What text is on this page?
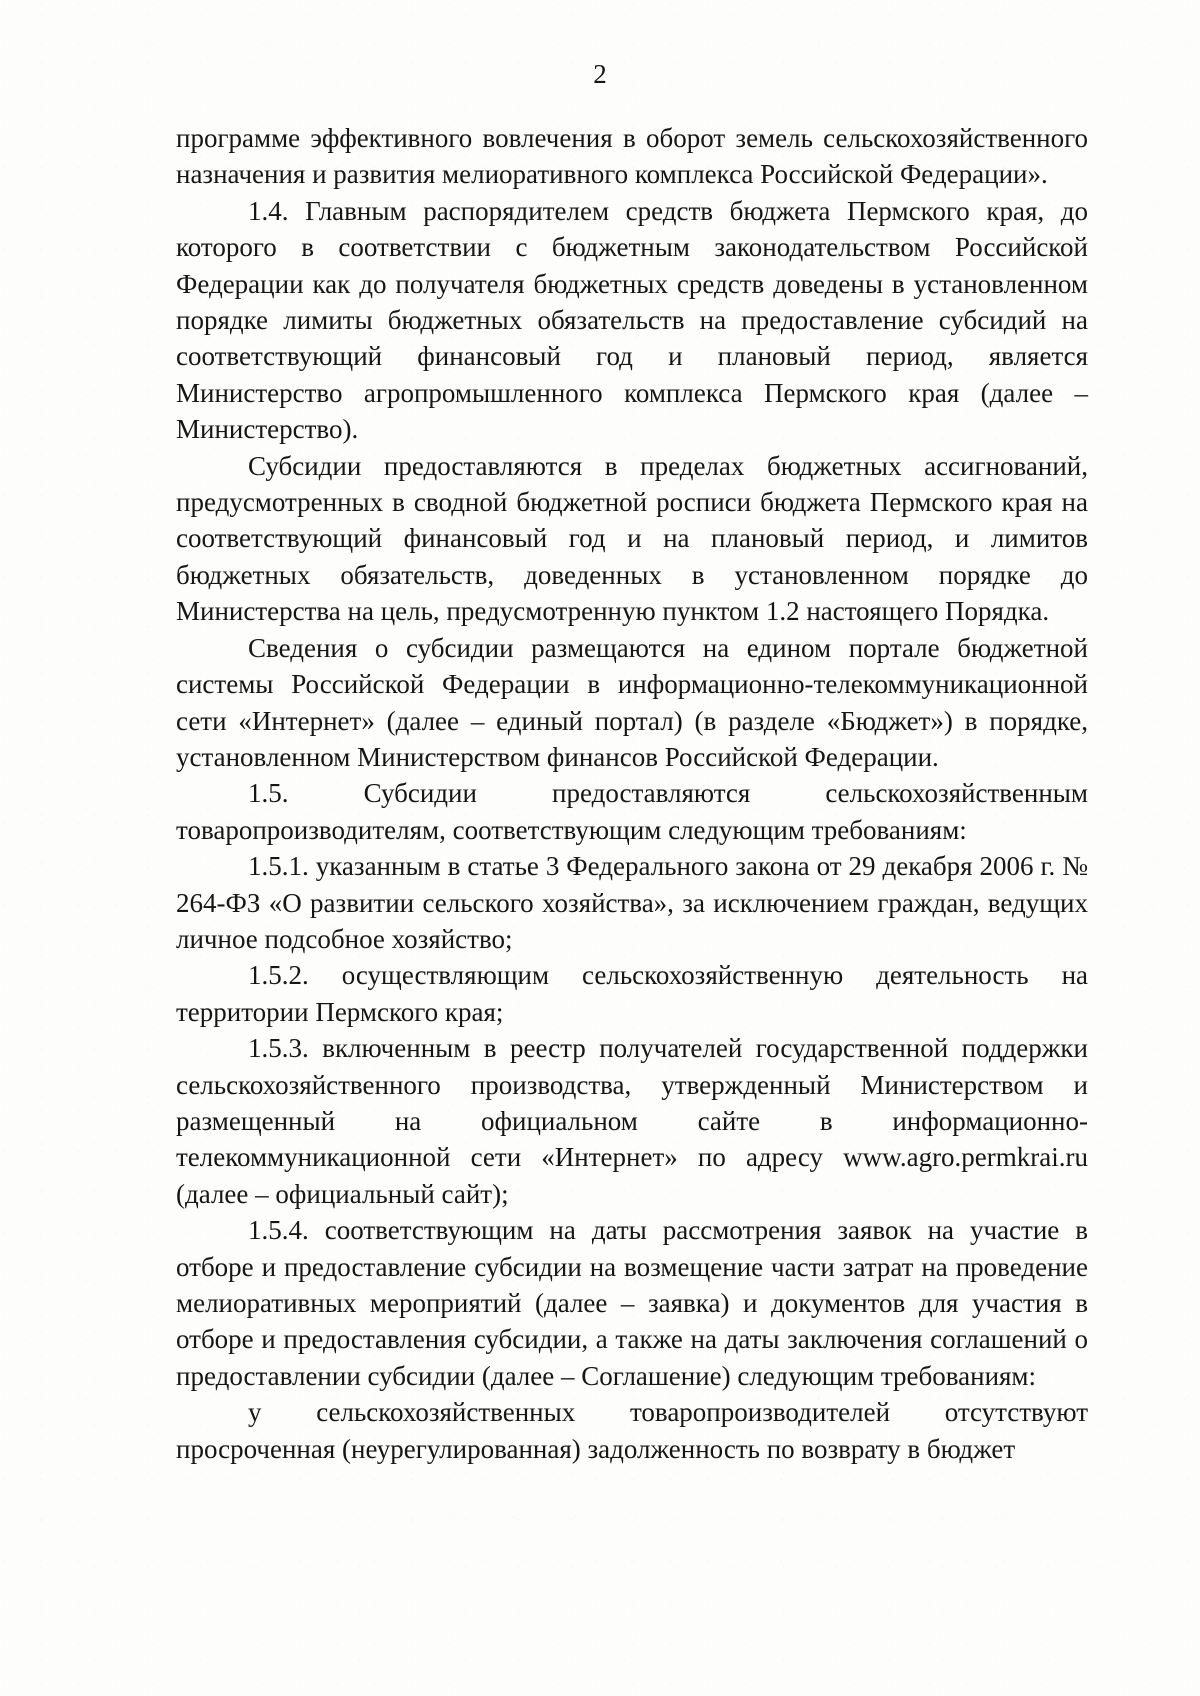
2

программе эффективного вовлечения в оборот земель сельскохозяйственного назначения и развития мелиоративного комплекса Российской Федерации».

1.4. Главным распорядителем средств бюджета Пермского края, до которого в соответствии с бюджетным законодательством Российской Федерации как до получателя бюджетных средств доведены в установленном порядке лимиты бюджетных обязательств на предоставление субсидий на соответствующий финансовый год и плановый период, является Министерство агропромышленного комплекса Пермского края (далее – Министерство).

Субсидии предоставляются в пределах бюджетных ассигнований, предусмотренных в сводной бюджетной росписи бюджета Пермского края на соответствующий финансовый год и на плановый период, и лимитов бюджетных обязательств, доведенных в установленном порядке до Министерства на цель, предусмотренную пунктом 1.2 настоящего Порядка.

Сведения о субсидии размещаются на едином портале бюджетной системы Российской Федерации в информационно-телекоммуникационной сети «Интернет» (далее – единый портал) (в разделе «Бюджет») в порядке, установленном Министерством финансов Российской Федерации.

1.5. Субсидии предоставляются сельскохозяйственным товаропроизводителям, соответствующим следующим требованиям:

1.5.1. указанным в статье 3 Федерального закона от 29 декабря 2006 г. № 264-ФЗ «О развитии сельского хозяйства», за исключением граждан, ведущих личное подсобное хозяйство;

1.5.2. осуществляющим сельскохозяйственную деятельность на территории Пермского края;

1.5.3. включенным в реестр получателей государственной поддержки сельскохозяйственного производства, утвержденный Министерством и размещенный на официальном сайте в информационно-телекоммуникационной сети «Интернет» по адресу www.agro.permkrai.ru (далее – официальный сайт);

1.5.4. соответствующим на даты рассмотрения заявок на участие в отборе и предоставление субсидии на возмещение части затрат на проведение мелиоративных мероприятий (далее – заявка) и документов для участия в отборе и предоставления субсидии, а также на даты заключения соглашений о предоставлении субсидии (далее – Соглашение) следующим требованиям:

у сельскохозяйственных товаропроизводителей отсутствуют просроченная (неурегулированная) задолженность по возврату в бюджет
